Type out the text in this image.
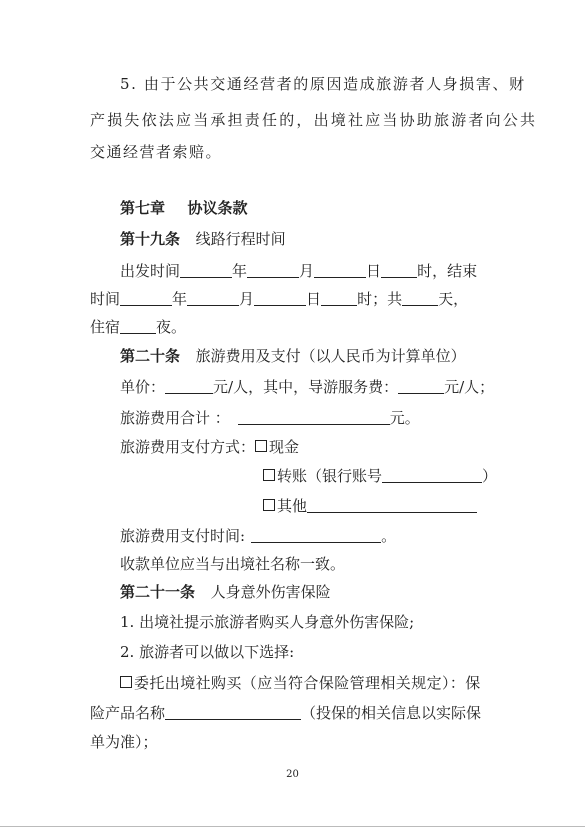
5. 由于公共交通经营者的原因造成旅游者人身损害、财
产损失依法应当承担责任的，出境社应当协助旅游者向公共
交通经营者索赔。
第七章 协议条款
第十九条 线路行程时间
出发时间	年	月	日 时，结束
时间	年	月	日 时；共 天，
住宿 夜。
第二十条 旅游费用及支付（以人民币为计算单位）
单价：	元/人，其中，导游服务费：	元/人；
旅游费用合计 ：	元。
旅游费用支付方式： 现金
转账（银行账号	）
其他
旅游费用支付时间:	。
收款单位应当与出境社名称一致。
第二十一条 人身意外伤害保险
1. 出境社提示旅游者购买人身意外伤害保险;
2. 旅游者可以做以下选择:
委托出境社购买（应当符合保险管理相关规定）：保
险产品名称	（投保的相关信息以实际保
单为准）；
20
